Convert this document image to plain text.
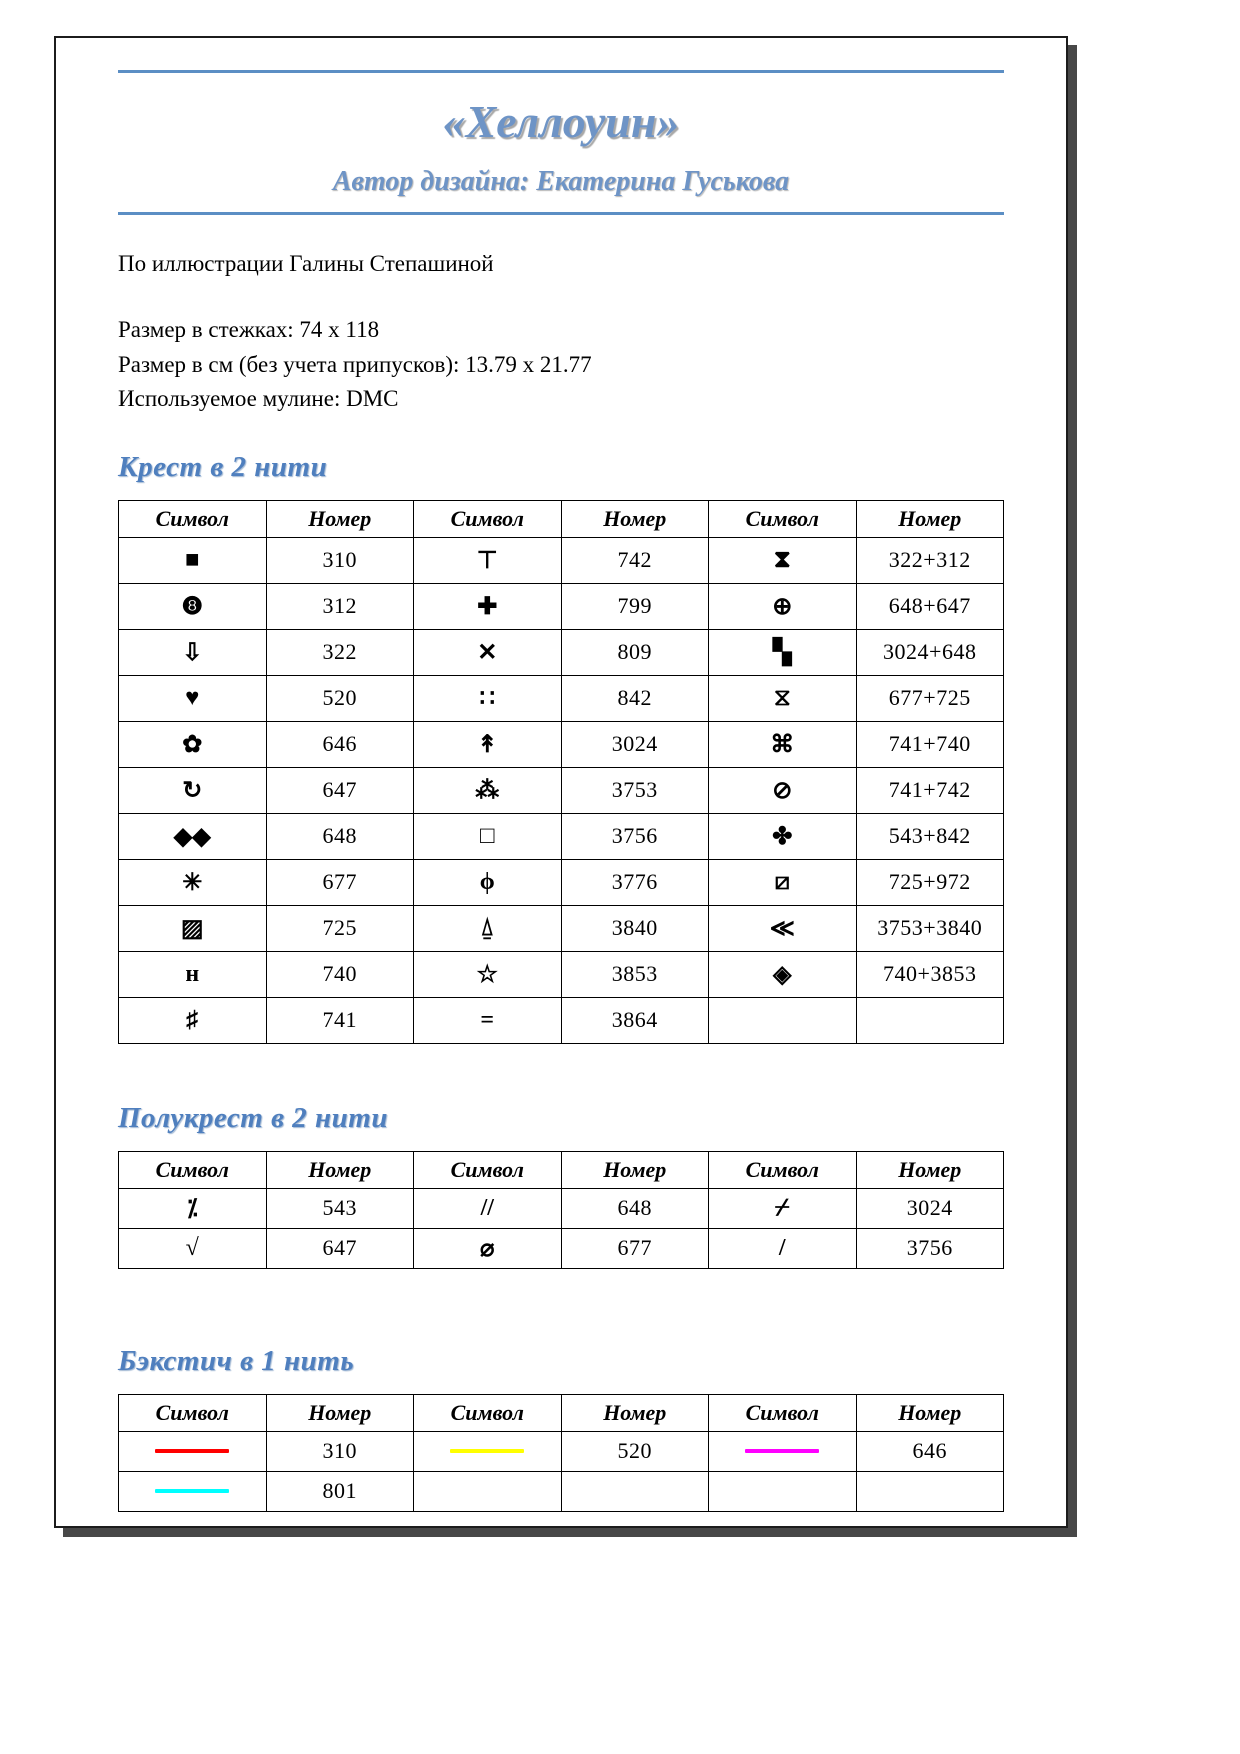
«Хеллоуин»
Автор дизайна: Екатерина Гуськова
По иллюстрации Галины Степашиной
Размер в стежках: 74 x 118
Размер в см (без учета припусков): 13.79 x 21.77
Используемое мулине: DMC
Крест в 2 нити
Символ	Номер	Символ	Номер	Символ	Номер
■	310	⊤	742	⧗	322+312
❽	312	✚	799	⊕	648+647
⇩	322	✕	809	▚	3024+648
♥	520	∷	842	⧖	677+725
✿	646	↟	3024	⌘	741+740
↻	647	⁂	3753	⊘	741+742
◆◆	648	□	3756	✤	543+842
✳	677	ϕ	3776	⧄	725+972
▨	725	⍙	3840	≪	3753+3840
ʜ	740	☆	3853	◈	740+3853
♯	741	=	3864		
Полукрест в 2 нити
Символ	Номер	Символ	Номер	Символ	Номер
⁒	543	//	648	⌿	3024
√	647	⌀	677	/	3756
Бэкстич в 1 нить
Символ	Номер	Символ	Номер	Символ	Номер

	310		520		646

	801				
